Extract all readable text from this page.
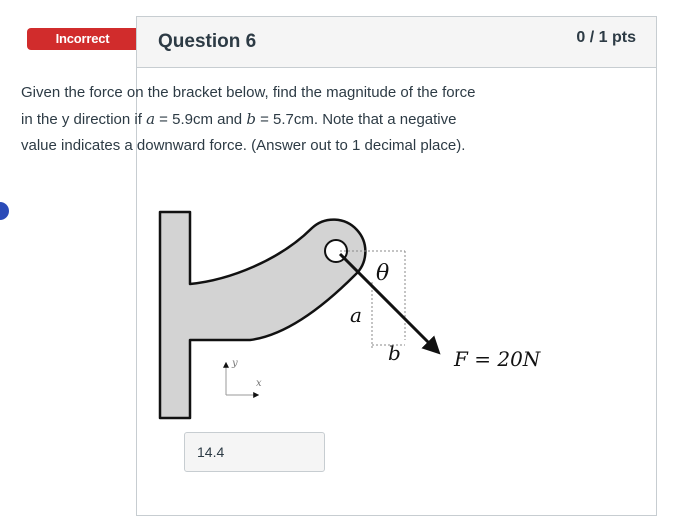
Incorrect	Question 6	0 / 1 pts
Given the force on the bracket below, find the magnitude of the force in the y direction if a = 5.9cm and b = 5.7cm. Note that a negative value indicates a downward force. (Answer out to 1 decimal place).
θ
a
b	F = 20N
y
x
14.4
